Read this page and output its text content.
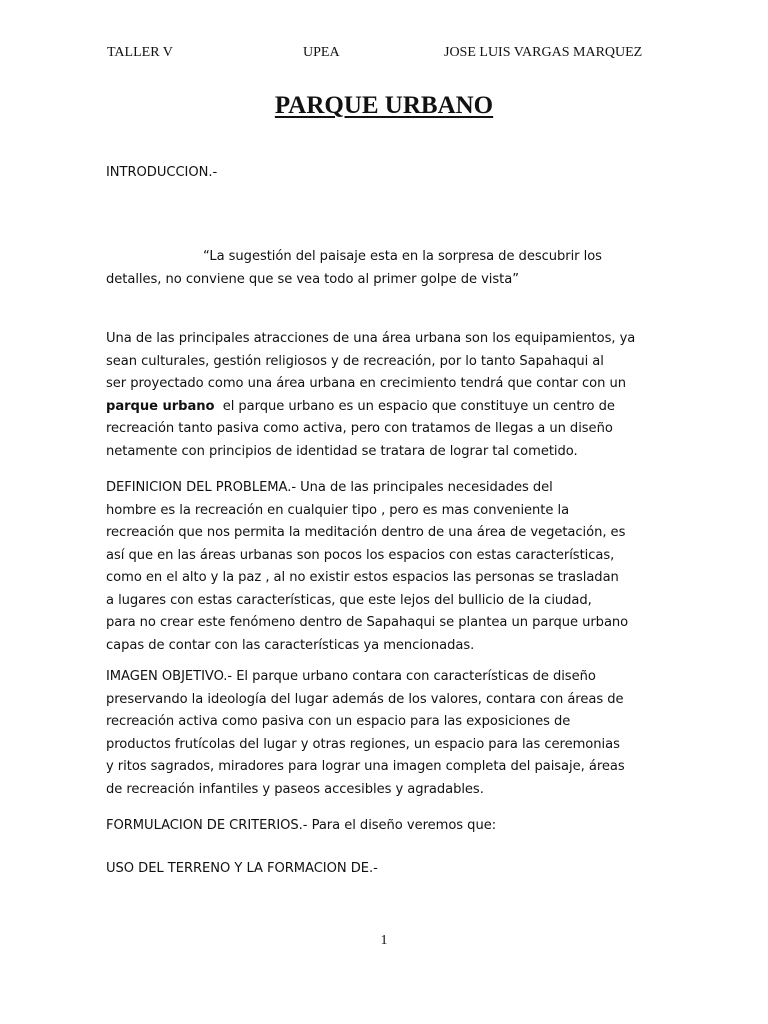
TALLER V	UPEA	JOSE LUIS VARGAS MARQUEZ
PARQUE URBANO

INTRODUCCION.-

“La sugestión del paisaje esta en la sorpresa de descubrir los
detalles, no conviene que se vea todo al primer golpe de vista”

Una de las principales atracciones de una área urbana son los equipamientos, ya
sean culturales, gestión religiosos y de recreación, por lo tanto Sapahaqui al
ser proyectado como una área urbana en crecimiento tendrá que contar con un
parque urbano  el parque urbano es un espacio que constituye un centro de
recreación tanto pasiva como activa, pero con tratamos de llegas a un diseño
netamente con principios de identidad se tratara de lograr tal cometido.

DEFINICION DEL PROBLEMA.- Una de las principales necesidades del
hombre es la recreación en cualquier tipo , pero es mas conveniente la
recreación que nos permita la meditación dentro de una área de vegetación, es
así que en las áreas urbanas son pocos los espacios con estas características,
como en el alto y la paz , al no existir estos espacios las personas se trasladan
a lugares con estas características, que este lejos del bullicio de la ciudad,
para no crear este fenómeno dentro de Sapahaqui se plantea un parque urbano
capas de contar con las características ya mencionadas.

IMAGEN OBJETIVO.- El parque urbano contara con características de diseño
preservando la ideología del lugar además de los valores, contara con áreas de
recreación activa como pasiva con un espacio para las exposiciones de
productos frutícolas del lugar y otras regiones, un espacio para las ceremonias
y ritos sagrados, miradores para lograr una imagen completa del paisaje, áreas
de recreación infantiles y paseos accesibles y agradables.

FORMULACION DE CRITERIOS.- Para el diseño veremos que:

USO DEL TERRENO Y LA FORMACION DE.-

1
